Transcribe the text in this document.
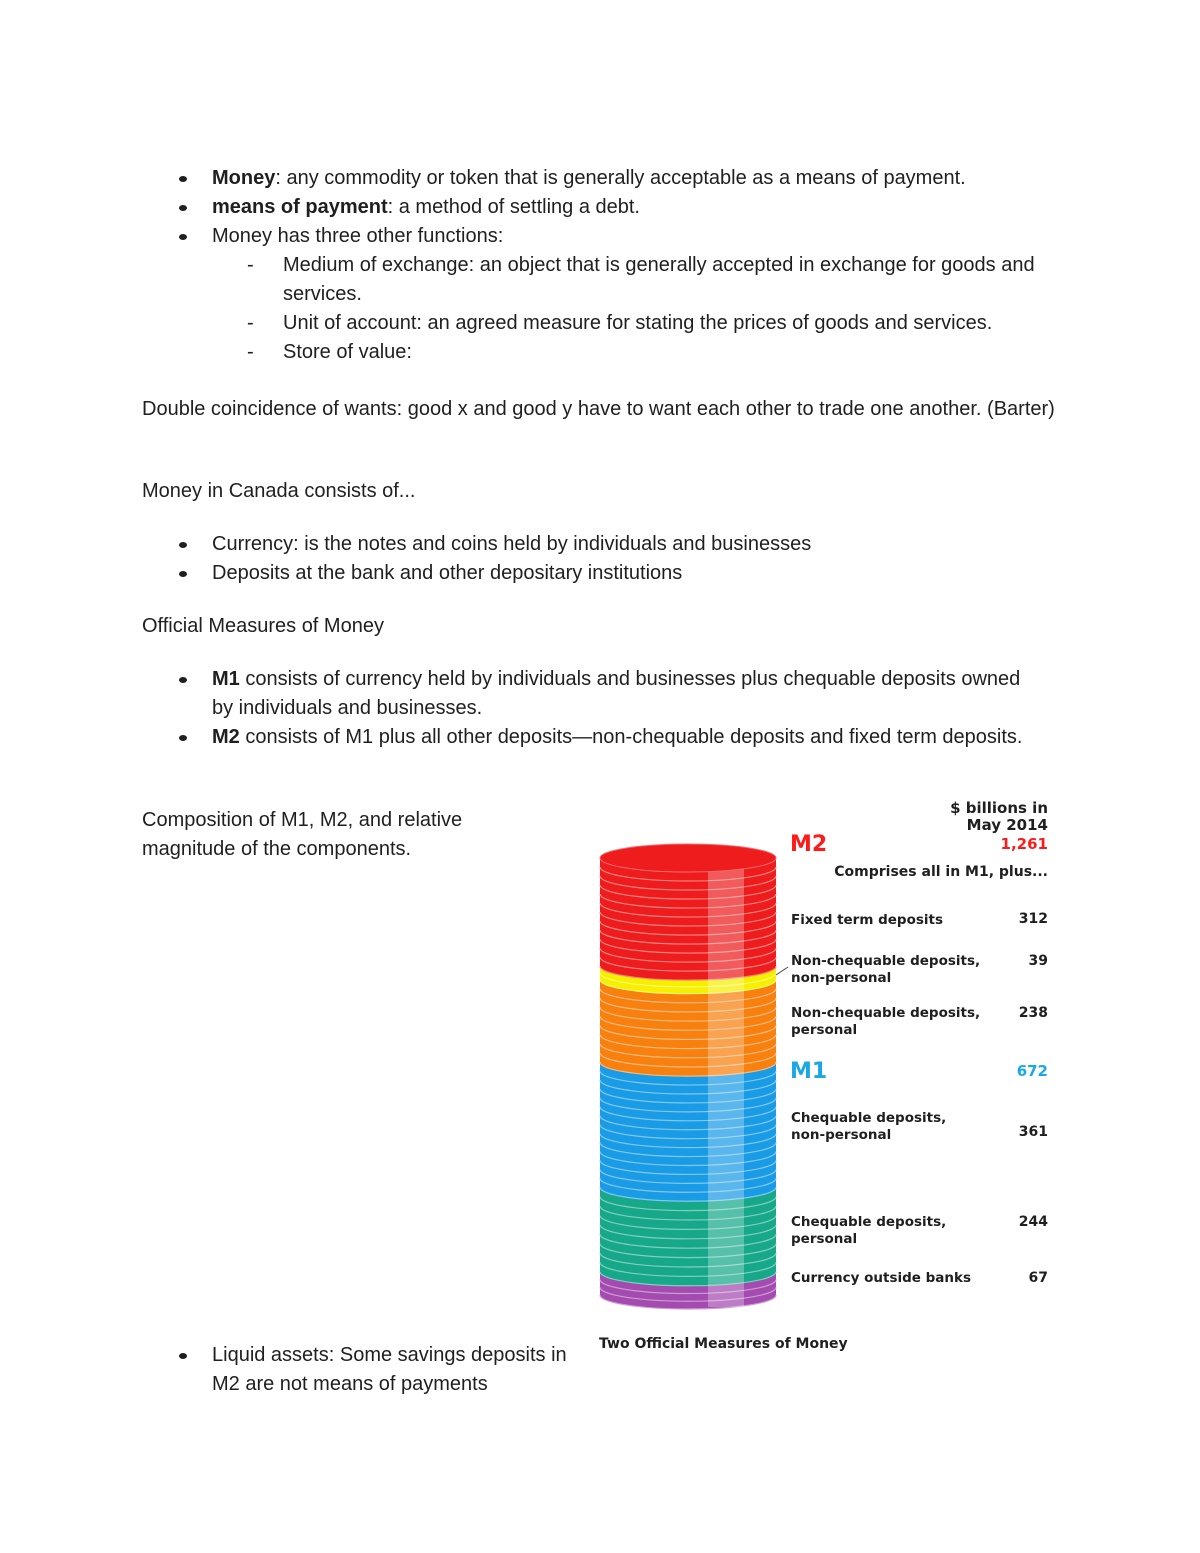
Money: any commodity or token that is generally acceptable as a means of payment.
means of payment: a method of settling a debt.
Money has three other functions:
- Medium of exchange: an object that is generally accepted in exchange for goods and services.
- Unit of account: an agreed measure for stating the prices of goods and services.
- Store of value:
Double coincidence of wants: good x and good y have to want each other to trade one another. (Barter)
Money in Canada consists of...
Currency: is the notes and coins held by individuals and businesses
Deposits at the bank and other depositary institutions
Official Measures of Money
M1 consists of currency held by individuals and businesses plus chequable deposits owned by individuals and businesses.
M2 consists of M1 plus all other deposits—non-chequable deposits and fixed term deposits.
Composition of M1, M2, and relative magnitude of the components.
Liquid assets: Some savings deposits in M2 are not means of payments
$ billions in
May 2014
M2	1,261
Comprises all in M1, plus...
Fixed term deposits	312
Non-chequable deposits,
non-personal
39
Non-chequable deposits,
personal
238
M1	672
Chequable deposits,
non-personal	361
Chequable deposits,
personal
244
Currency outside banks	67
Two Official Measures of Money
